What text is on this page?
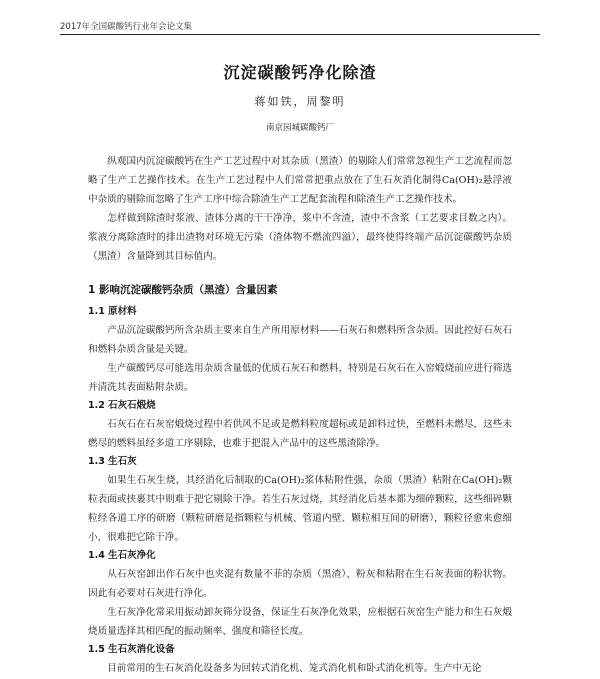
2017年全国碳酸钙行业年会论文集
沉淀碳酸钙净化除渣
蒋如铁，周黎明
南京园城碳酸钙厂

纵观国内沉淀碳酸钙在生产工艺过程中对其杂质（黑渣）的剔除人们常常忽视生产工艺流程而忽略了生产工艺操作技术。在生产工艺过程中人们常常把重点放在了生石灰消化制得Ca(OH)₂悬浮液中杂质的剔除而忽略了生产工序中综合除渣生产工艺配套流程和除渣生产工艺操作技术。

怎样做到除渣时浆液、渣体分离的干干净净，浆中不含渣，渣中不含浆（工艺要求目数之内）。浆液分离除渣时的排出渣物对环境无污染（渣体物不燃流四溢），最终使得终端产品沉淀碳酸钙杂质（黑渣）含量降到其目标值内。

1 影响沉淀碳酸钙杂质（黑渣）含量因素
1.1 原材料

产品沉淀碳酸钙所含杂质主要来自生产所用原材料——石灰石和燃料所含杂质。因此控好石灰石和燃料杂质含量是关键。

生产碳酸钙尽可能选用杂质含量低的优质石灰石和燃料，特别是石灰石在入窑煅烧前应进行筛选并清洗其表面粘附杂质。

1.2 石灰石煅烧

石灰石在石灰窑煅烧过程中若供风不足或是燃料粒度超标或是卸料过快，至燃料未燃尽，这些未燃尽的燃料虽经多道工序剔除，也难于把混入产品中的这些黑渣除净。

1.3 生石灰

如果生石灰生烧，其经消化后制取的Ca(OH)₂浆体粘附性强，杂质（黑渣）粘附在Ca(OH)₂颗粒表面或挟裹其中则难于把它剔除干净。若生石灰过烧，其经消化后基本都为细碎颗粒，这些细碎颗粒经各道工序的研磨（颗粒研磨是指颗粒与机械、管道内壁、颗粒相互间的研磨），颗粒径愈来愈细小，很难把它除干净。

1.4 生石灰净化

从石灰窑卸出作石灰中也夹混有数量不菲的杂质（黑渣）、粉灰和粘附在生石灰表面的粉状物。因此有必要对石灰进行净化。

生石灰净化常采用振动卸灰筛分设备，保证生石灰净化效果，应根据石灰窑生产能力和生石灰煅烧质量选择其相匹配的振动频率、强度和筛径长度。

1.5 生石灰消化设备

目前常用的生石灰消化设备多为回转式消化机、笼式消化机和卧式消化机等。生产中无论
